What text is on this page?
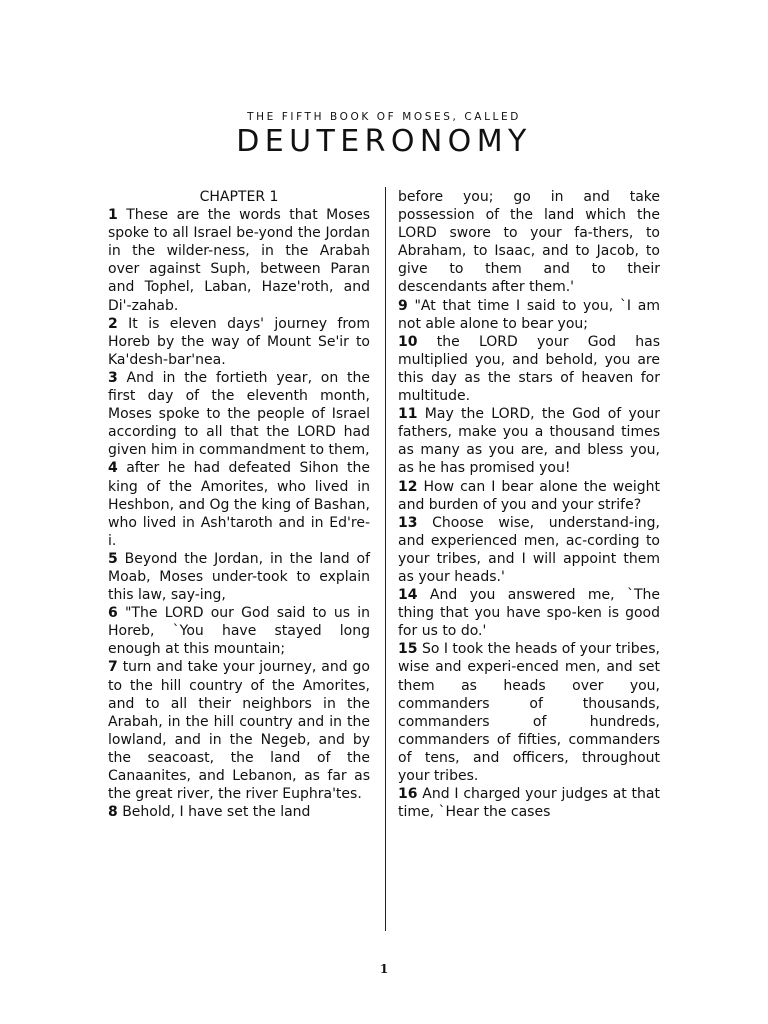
THE FIFTH BOOK OF MOSES, CALLED
DEUTERONOMY

CHAPTER 1

1 These are the words that Moses spoke to all Israel be-yond the Jordan in the wilder-ness, in the Arabah over against Suph, between Paran and Tophel, Laban, Haze'roth, and Di'-zahab.

2 It is eleven days' journey from Horeb by the way of Mount Se'ir to Ka'desh-bar'nea.

3 And in the fortieth year, on the first day of the eleventh month, Moses spoke to the people of Israel according to all that the LORD had given him in commandment to them,

4 after he had defeated Sihon the king of the Amorites, who lived in Heshbon, and Og the king of Bashan, who lived in Ash'taroth and in Ed're-i.

5 Beyond the Jordan, in the land of Moab, Moses under-took to explain this law, say-ing,

6 "The LORD our God said to us in Horeb, `You have stayed long enough at this mountain;

7 turn and take your journey, and go to the hill country of the Amorites, and to all their neighbors in the Arabah, in the hill country and in the lowland, and in the Negeb, and by the seacoast, the land of the Canaanites, and Lebanon, as far as the great river, the river Euphra'tes.

8 Behold, I have set the land

before you; go in and take possession of the land which the LORD swore to your fa-thers, to Abraham, to Isaac, and to Jacob, to give to them and to their descendants after them.'

9 "At that time I said to you, `I am not able alone to bear you;

10 the LORD your God has multiplied you, and behold, you are this day as the stars of heaven for multitude.

11 May the LORD, the God of your fathers, make you a thousand times as many as you are, and bless you, as he has promised you!

12 How can I bear alone the weight and burden of you and your strife?

13 Choose wise, understand-ing, and experienced men, ac-cording to your tribes, and I will appoint them as your heads.'

14 And you answered me, `The thing that you have spo-ken is good for us to do.'

15 So I took the heads of your tribes, wise and experi-enced men, and set them as heads over you, commanders of thousands, commanders of hundreds, commanders of fifties, commanders of tens, and officers, throughout your tribes.

16 And I charged your judges at that time, `Hear the cases

1
